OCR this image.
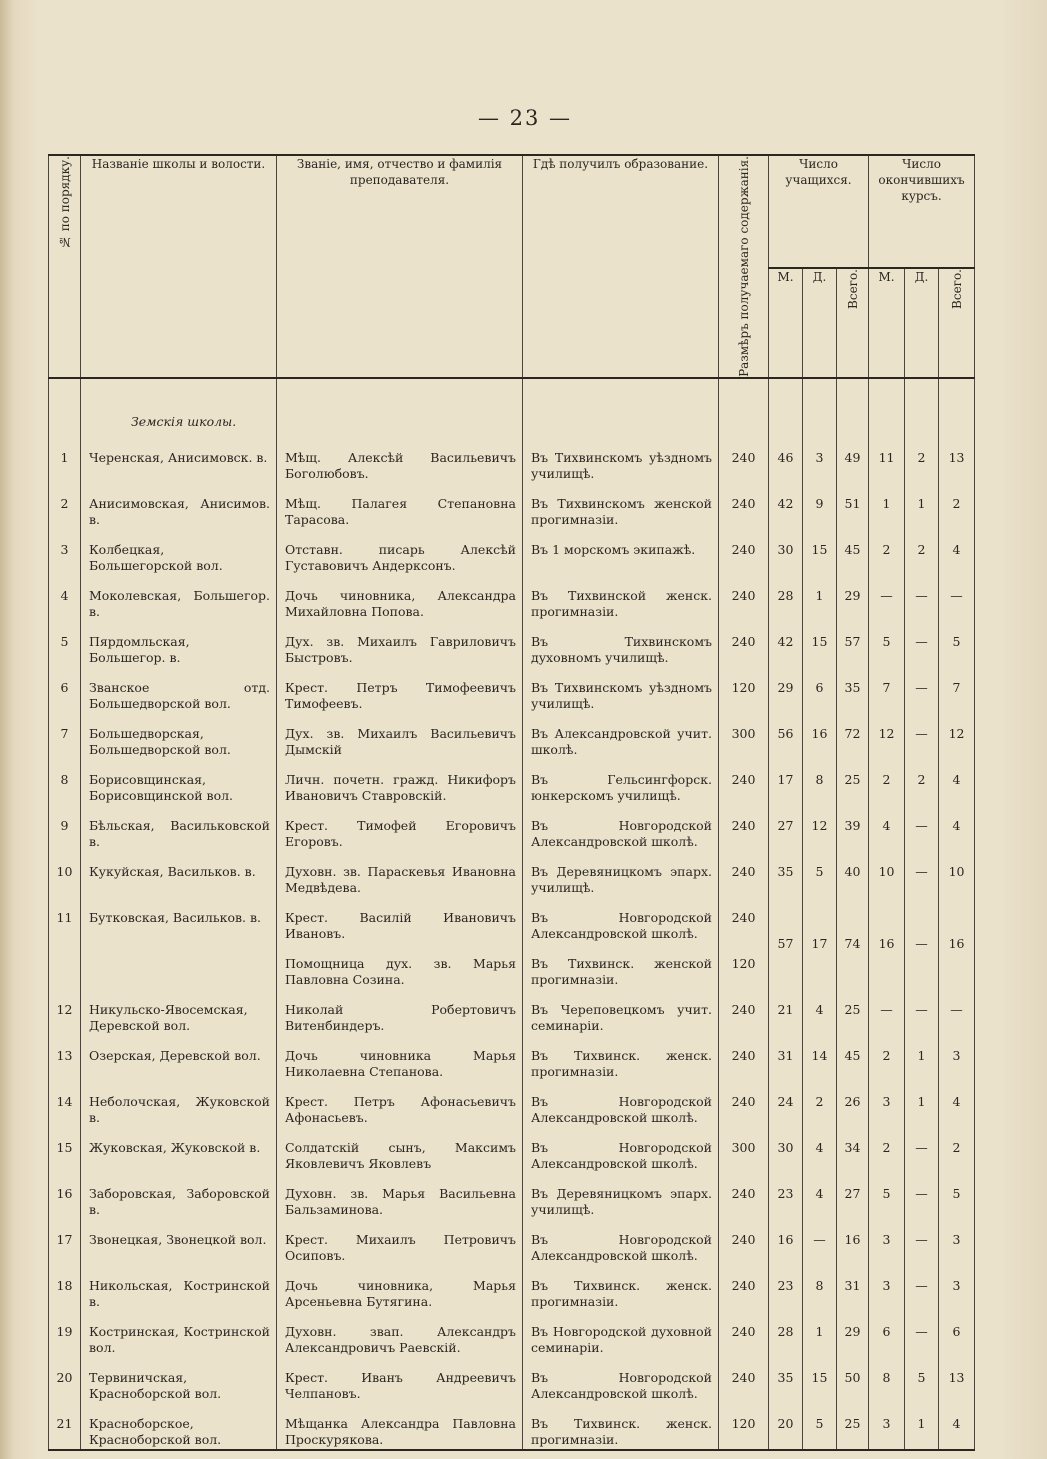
— 23 —
№ по порядку.	Названіе школы и волости.	Званіе, имя, отчество и фамилія преподавателя.	Гдѣ получилъ образование.	Размѣръ получаемаго содержанія.	Число учащихся.			Число окончившихъ курсъ.		
					М.	Д.	Всего.	М.	Д.	Всего.

	Земскія школы.									
1	Черенская, Анисимовск. в.	Мѣщ. Алексѣй Васильевичъ Боголюбовъ.	Въ Тихвинскомъ уѣздномъ училищѣ.	240	46	3	49	11	2	13
2	Анисимовская, Анисимов. в.	Мѣщ. Палагея Степановна Тарасова.	Въ Тихвинскомъ женской прогимназіи.	240	42	9	51	1	1	2
3	Колбецкая, Большегорской вол.	Отставн. писарь Алексѣй Густавовичъ Андерксонъ.	Въ 1 морскомъ экипажѣ.	240	30	15	45	2	2	4
4	Моколевская, Большегор. в.	Дочь чиновника, Александра Михайловна Попова.	Въ Тихвинской женск. прогимназіи.	240	28	1	29	—	—	—
5	Пярдомльская, Большегор. в.	Дух. зв. Михаилъ Гавриловичъ Быстровъ.	Въ Тихвинскомъ духовномъ училищѣ.	240	42	15	57	5	—	5
6	Званское отд. Большедворской вол.	Крест. Петръ Тимофеевичъ Тимофеевъ.	Въ Тихвинскомъ уѣздномъ училищѣ.	120	29	6	35	7	—	7
7	Большедворская, Большедворской вол.	Дух. зв. Михаилъ Васильевичъ Дымскій	Въ Александровской учит. школѣ.	300	56	16	72	12	—	12
8	Борисовщинская, Борисовщинской вол.	Личн. почетн. гражд. Никифоръ Ивановичъ Ставровскій.	Въ Гельсингфорск. юнкерскомъ училищѣ.	240	17	8	25	2	2	4
9	Бѣльская, Васильковской в.	Крест. Тимофей Егоровичъ Егоровъ.	Въ Новгородской Александровской школѣ.	240	27	12	39	4	—	4
10	Кукуйская, Васильков. в.	Духовн. зв. Параскевья Ивановна Медвѣдева.	Въ Деревяницкомъ эпарх. училищѣ.	240	35	5	40	10	—	10
11	Бутковская, Васильков. в.	Крест. Василій Ивановичъ Ивановъ.	Въ Новгородской Александровской школѣ.	240	57	17	74	16	—	16
		Помощница дух. зв. Марья Павловна Созина.	Въ Тихвинск. женской прогимназіи.	120						
12	Никульско-Явосемская, Деревской вол.	Николай Робертовичъ Витенбиндеръ.	Въ Череповецкомъ учит. семинаріи.	240	21	4	25	—	—	—
13	Озерская, Деревской вол.	Дочь чиновника Марья Николаевна Степанова.	Въ Тихвинск. женск. прогимназіи.	240	31	14	45	2	1	3
14	Неболочская, Жуковской в.	Крест. Петръ Афонасьевичъ Афонасьевъ.	Въ Новгородской Александровской школѣ.	240	24	2	26	3	1	4
15	Жуковская, Жуковской в.	Солдатскій сынъ, Максимъ Яковлевичъ Яковлевъ	Въ Новгородской Александровской школѣ.	300	30	4	34	2	—	2
16	Заборовская, Заборовской в.	Духовн. зв. Марья Васильевна Бальзаминова.	Въ Деревяницкомъ эпарх. училищѣ.	240	23	4	27	5	—	5
17	Звонецкая, Звонецкой вол.	Крест. Михаилъ Петровичъ Осиповъ.	Въ Новгородской Александровской школѣ.	240	16	—	16	3	—	3
18	Никольская, Костринской в.	Дочь чиновника, Марья Арсеньевна Бутягина.	Въ Тихвинск. женск. прогимназіи.	240	23	8	31	3	—	3
19	Костринская, Костринской вол.	Духовн. звап. Александръ Александровичъ Раевскій.	Въ Новгородской духовной семинаріи.	240	28	1	29	6	—	6
20	Тервиничская, Красноборской вол.	Крест. Иванъ Андреевичъ Челпановъ.	Въ Новгородской Александровской школѣ.	240	35	15	50	8	5	13
21	Красноборское, Краснoборской вол.	Мѣщанка Александра Павловна Проскурякова.	Въ Тихвинск. женск. прогимназіи.	120	20	5	25	3	1	4
